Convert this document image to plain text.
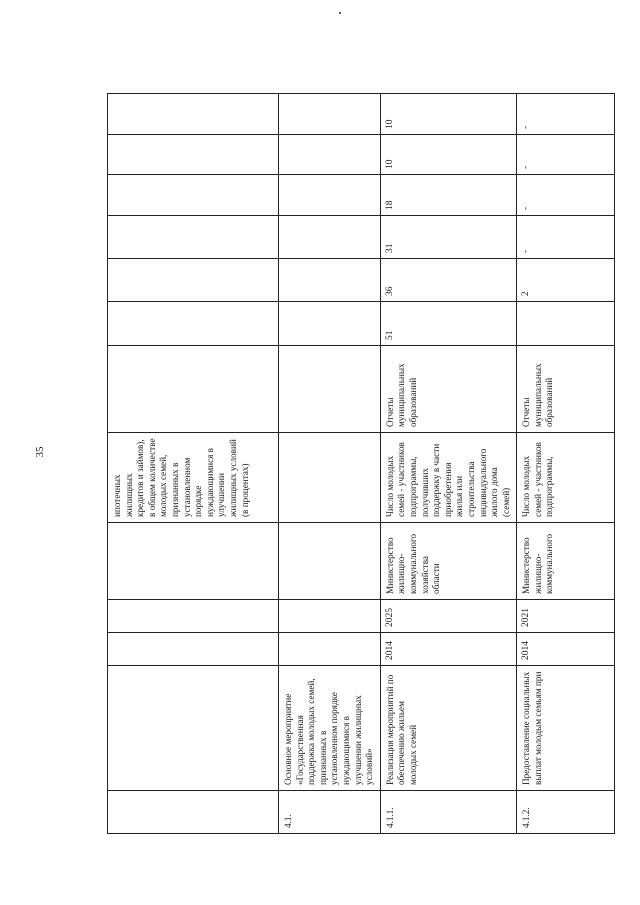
35
					ипотечных жилищных кредитов и займов), в общем количестве молодых семей, признанных в установленном порядке нуждающимися в улучшении жилищных условий (в процентах)							
4.1.	Основное мероприятие «Государственная поддержка молодых семей, признанных в установленном порядке нуждающимися в улучшении жилищных условий»											
4.1.1.	Реализация мероприятий по обеспечению жильем молодых семей	2014	2025	Министерство жилищно-коммунального хозяйства области	Число молодых семей - участников подпрограммы, получивших поддержку в части приобретения жилья или строительства индивидуального жилого дома (семей)	Отчеты муниципальных образований	51	36	31	18	10	10
4.1.2.	Предоставление социальных выплат молодым семьям при	2014	2021	Министерство жилищно-коммунального	Число молодых семей - участников подпрограммы,	Отчеты муниципальных образований		2	-	-	-	-
